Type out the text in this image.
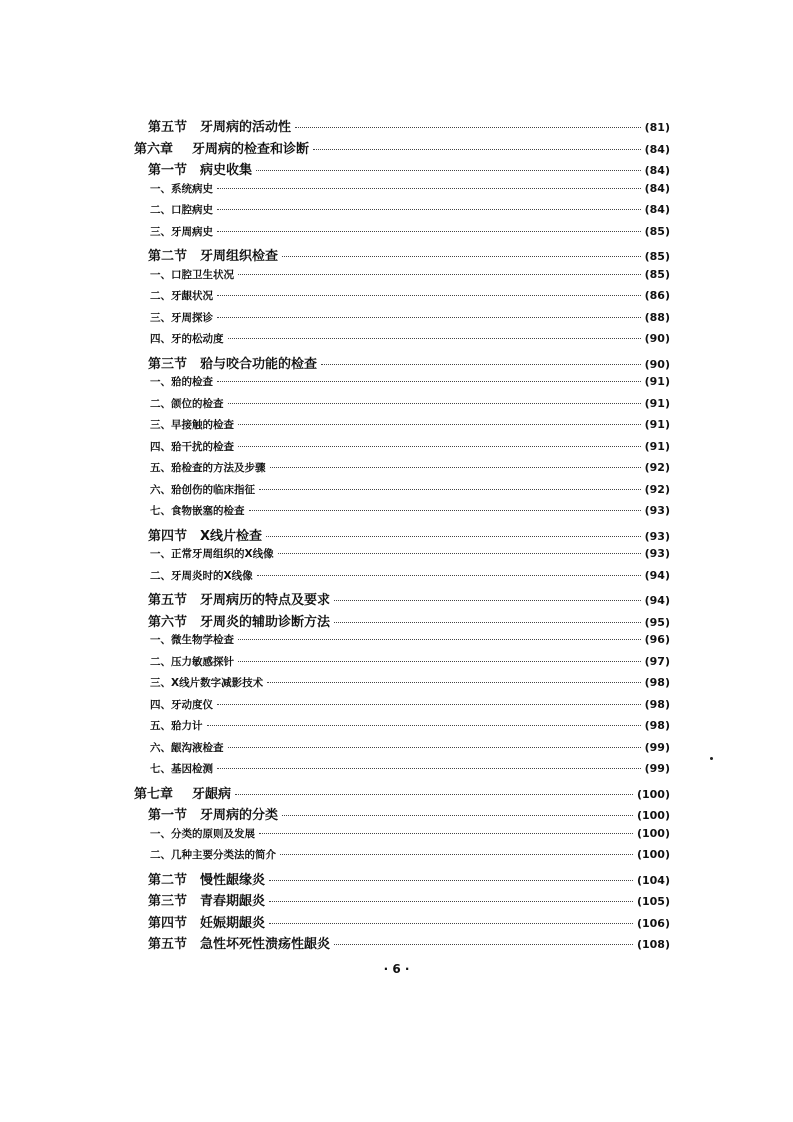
第五节 牙周病的活动性	(81)
第六章 牙周病的检查和诊断	(84)
第一节 病史收集	(84)
一、系统病史	(84)
二、口腔病史	(84)
三、牙周病史	(85)
第二节 牙周组织检查	(85)
一、口腔卫生状况	(85)
二、牙龈状况	(86)
三、牙周探诊	(88)
四、牙的松动度	(90)
第三节 𬌗与咬合功能的检查	(90)
一、𬌗的检查	(91)
二、颌位的检查	(91)
三、早接触的检查	(91)
四、𬌗干扰的检查	(91)
五、𬌗检查的方法及步骤	(92)
六、𬌗创伤的临床指征	(92)
七、食物嵌塞的检查	(93)
第四节 X线片检查	(93)
一、正常牙周组织的X线像	(93)
二、牙周炎时的X线像	(94)
第五节 牙周病历的特点及要求	(94)
第六节 牙周炎的辅助诊断方法	(95)
一、微生物学检查	(96)
二、压力敏感探针	(97)
三、X线片数字减影技术	(98)
四、牙动度仪	(98)
五、𬌗力计	(98)
六、龈沟液检查	(99)
七、基因检测	(99)
第七章 牙龈病	(100)
第一节 牙周病的分类	(100)
一、分类的原则及发展	(100)
二、几种主要分类法的简介	(100)
第二节 慢性龈缘炎	(104)
第三节 青春期龈炎	(105)
第四节 妊娠期龈炎	(106)
第五节 急性坏死性溃疡性龈炎	(108)
· 6 ·
